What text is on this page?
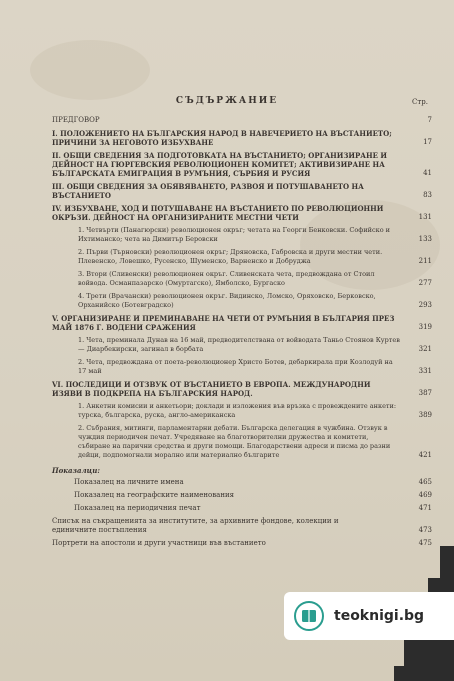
СЪДЪРЖАНИЕ	Стр.
ПРЕДГОВОР	7
I. ПОЛОЖЕНИЕТО НА БЪЛГАРСКИЯ НАРОД В НАВЕЧЕРИЕТО НА ВЪСТАНИЕТО; ПРИЧИНИ ЗА НЕГОВОТО ИЗБУХВАНЕ	17
II. ОБЩИ СВЕДЕНИЯ ЗА ПОДГОТОВКАТА НА ВЪСТАНИЕТО; ОРГАНИЗИРАНЕ И ДЕЙНОСТ НА ГЮРГЕВСКИЯ РЕВОЛЮЦИОНЕН КОМИТЕТ; АКТИВИЗИРАНЕ НА БЪЛГАРСКАТА ЕМИГРАЦИЯ В РУМЪНИЯ, СЪРБИЯ И РУСИЯ	41
III. ОБЩИ СВЕДЕНИЯ ЗА ОБЯВЯВАНЕТО, РАЗВОЯ И ПОТУШАВАНЕТО НА ВЪСТАНИЕТО	83
IV. ИЗБУХВАНЕ, ХОД И ПОТУШАВАНЕ НА ВЪСТАНИЕТО ПО РЕВОЛЮЦИОННИ ОКРЪЗИ. ДЕЙНОСТ НА ОРГАНИЗИРАНИТЕ МЕСТНИ ЧЕТИ	131
1. Четвърти (Панагюрски) революционен окръг; четата на Георги Бенковски. Софийско и Ихтиманско; чета на Димитър Беровски	133
2. Първи (Търновски) революционен окръг; Дряновска, Габровска и други местни чети. Плевенско, Ловешко, Русенско, Шуменско, Варненско и Добруджа	211
3. Втори (Сливенски) революционен окръг. Сливенската чета, предвождана от Стоил войвода. Османпазарско (Омуртагско), Ямболско, Бургаско	277
4. Трети (Врачански) революционен окръг. Видинско, Ломско, Оряховско, Берковско, Орханийско (Ботевградско)	293
V. ОРГАНИЗИРАНЕ И ПРЕМИНАВАНЕ НА ЧЕТИ ОТ РУМЪНИЯ В БЪЛГАРИЯ ПРЕЗ МАЙ 1876 Г. ВОДЕНИ СРАЖЕНИЯ	319
1. Чета, преминала Дунав на 16 май, предводителствана от войводата Таньо Стоянов Куртев — Диарбекирски, загинал в борбата	321
2. Чета, предвождана от поета-революционер Христо Ботев, дебаркирала при Козлодуй на 17 май	331
VI. ПОСЛЕДИЦИ И ОТЗВУК ОТ ВЪСТАНИЕТО В ЕВРОПА. МЕЖДУНАРОДНИ ИЗЯВИ В ПОДКРЕПА НА БЪЛГАРСКИЯ НАРОД.	387
1. Анкетни комисии и анкетьори; доклади и изложения във връзка с провеждените анкети: турска, българска, руска, англо-американска	389
2. Събрания, митинги, парламентарни дебати. Българска делегация в чужбина. Отзвук в чуждия периодичен печат. Учредяване на благотворителни дружества и комитети, събиране на парични средства и други помощи. Благодарствени адреси и писма до разни дейци, подпомогнали морално или материално българите	421
Показалци:
Показалец на личните имена	465
Показалец на географските наименования	469
Показалец на периодичния печат	471
Списък на съкращенията за институтите, за архивните фондове, колекции и единичните постъпления	473
Портрети на апостоли и други участници във въстанието	475
teoknigi.bg
